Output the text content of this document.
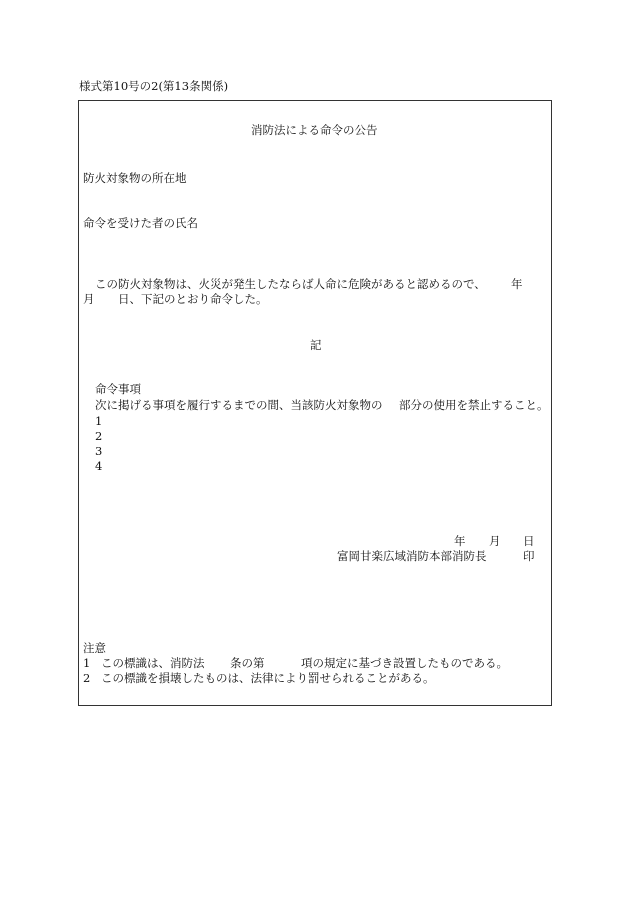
様式第10号の2(第13条関係)
消防法による命令の公告
防火対象物の所在地
命令を受けた者の氏名
この防火対象物は、火災が発生したならば人命に危険があると認めるので、 年
月 日、下記のとおり命令した。
記
命令事項
次に掲げる事項を履行するまでの間、当該防火対象物の 部分の使用を禁止すること。
1
2
3
4
年 月 日
富岡甘楽広域消防本部消防長	印
注意
1 この標識は、消防法 条の第	項の規定に基づき設置したものである。
2 この標識を損壊したものは、法律により罰せられることがある。
